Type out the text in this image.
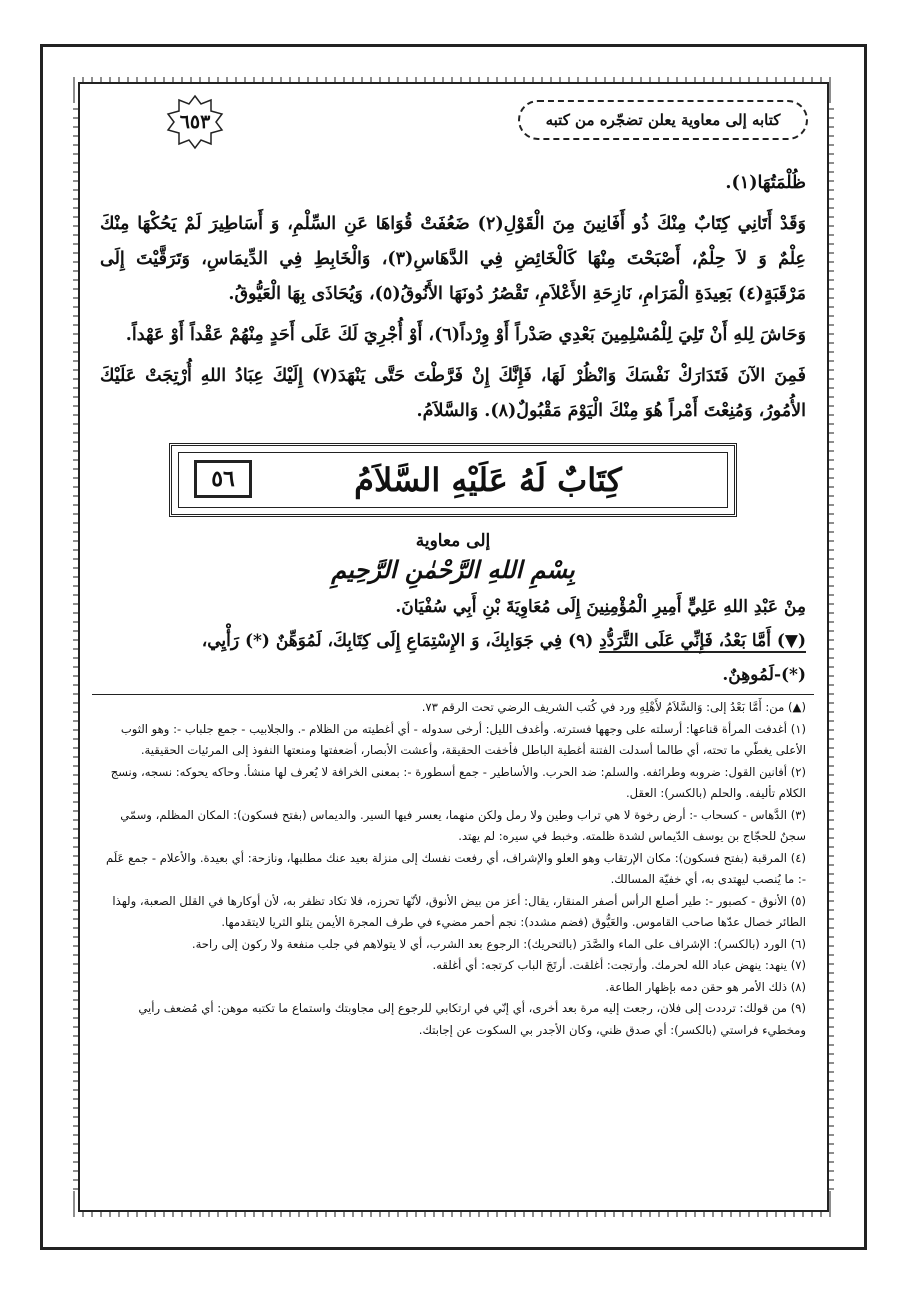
كتابه إلى معاوية يعلن تضجّره من كتبه
٦٥٣

ظُلْمَتُهَا(١).

وَقَدْ أَتَانِي كِتَابٌ مِنْكَ ذُو أَفَانِينَ مِنَ الْقَوْلِ(٢) ضَعُفَتْ قُوَاهَا عَنِ السِّلْمِ، وَ أَسَاطِيرَ لَمْ يَحُكْهَا مِنْكَ عِلْمٌ وَ لاَ حِلْمٌ، أَصْبَحْتَ مِنْهَا كَالْخَائِضِ فِي الدَّهَاسِ(٣)، وَالْخَابِطِ فِي الدِّيمَاسِ، وَتَرَقَّيْتَ إِلَى مَرْقَبَةٍ(٤) بَعِيدَةِ الْمَرَامِ، نَازِحَةِ الأَعْلاَمِ، تَقْصُرُ دُونَهَا الأَنُوقُ(٥)، وَيُحَاذَى بِهَا الْعَيُّوقُ.

وَحَاشَ لِلهِ أَنْ تَلِيَ لِلْمُسْلِمِينَ بَعْدِي صَدْراً أَوْ وِرْداً(٦)، أَوْ أُجْرِيَ لَكَ عَلَى أَحَدٍ مِنْهُمْ عَقْداً أَوْ عَهْداً.

فَمِنَ الآنَ فَتَدَارَكْ نَفْسَكَ وَانْظُرْ لَهَا، فَإِنَّكَ إِنْ فَرَّطْتَ حَتَّى يَنْهَدَ(٧) إِلَيْكَ عِبَادُ اللهِ أُرْتِجَتْ عَلَيْكَ الأُمُورُ، وَمُنِعْتَ أَمْراً هُوَ مِنْكَ الْيَوْمَ مَقْبُولٌ(٨). وَالسَّلاَمُ.

كِتَابٌ لَهُ عَلَيْهِ السَّلاَمُ
٥٦
إلى معاوية
بِسْمِ اللهِ الرَّحْمٰنِ الرَّحِيمِ

مِنْ عَبْدِ اللهِ عَلِيٍّ أَمِيرِ الْمُؤْمِنِينَ إِلَى مُعَاوِيَةَ بْنِ أَبِي سُفْيَانَ.

(▼) أَمَّا بَعْدُ، فَإِنِّي عَلَى التَّرَدُّدِ (٩) فِي جَوَابِكَ، وَ الإِسْتِمَاعِ إِلَى كِتَابِكَ، لَمُوَهِّنٌ (*) رَأْيِي،

(*)-لَمُوهِنٌ.

(▲) من: أَمَّا بَعْدُ إلى: وَالسَّلاَمُ لأَهْلِهِ ورد في كُتب الشريف الرضي تحت الرقم ٧٣.

(١) أغدفت المرأة قناعها: أرسلته على وجهها فسترته. وأغدف الليل: أرخى سدوله - أي أغطيته من الظلام -. والجلابيب - جمع جلباب -: وهو الثوب الأعلى يغطّي ما تحته، أي طالما أسدلت الفتنة أغطية الباطل فأخفت الحقيقة، وأعشت الأبصار، أضعفتها ومنعتها النفوذ إلى المرئيات الحقيقية.

(٢) أفانين القول: ضروبه وطرائفه. والسلم: ضد الحرب. والأساطير - جمع أسطورة -: بمعنى الخرافة لا يُعرف لها منشأ. وحاكه يحوكه: نسجه، ونسج الكلام تأليفه. والحلم (بالكسر): العقل.

(٣) الدَّهاس - كسحاب -: أرض رخوة لا هي تراب وطين ولا رمل ولكن منهما، يعسر فيها السير. والديماس (بفتح فسكون): المكان المظلم، وسمّي سجنٌ للحجّاج بن يوسف الدّيماس لشدة ظلمته. وخبط في سيره: لم يهتد.

(٤) المرقبة (بفتح فسكون): مكان الإرتقاب وهو العلو والإشراف، أي رفعت نفسك إلى منزلة بعيد عنك مطلبها، ونازحة: أي بعيدة. والأعلام - جمع عَلَم -: ما يُنصب ليهتدى به، أي خفيّة المسالك.

(٥) الأنوق - كصبور -: طير أصلع الرأس أصفر المنقار، يقال: أعز من بيض الأنوق، لأنّها تحرزه، فلا تكاد تظفر به، لأن أوكارها في القلل الصعبة، ولهذا الطائر خصال عدّها صاحب القاموس. والعَيُّوق (فضم مشدد): نجم أحمر مضيء في طرف المجرة الأيمن يتلو الثريا لايتقدمها.

(٦) الورد (بالكسر): الإشراف على الماء والصَّدَر (بالتحريك): الرجوع بعد الشرب، أي لا يتولاهم في جلب منفعة ولا ركون إلى راحة.

(٧) ينهد: ينهض عباد الله لحرمك. وأرتجت: أغلقت. أرتَجَ الباب كرتجه: أي أغلقه.

(٨) ذلك الأمر هو حقن دمه بإظهار الطاعة.

(٩) من قولك: ترددت إلى فلان، رجعت إليه مرة بعد أخرى، أي إنّي في ارتكابي للرجوع إلى مجاوبتك واستماع ما تكتبه موهن: أي مُضعف رأيي ومخطيء فراستي (بالكسر): أي صدق ظني، وكان الأجدر بي السكوت عن إجابتك.
